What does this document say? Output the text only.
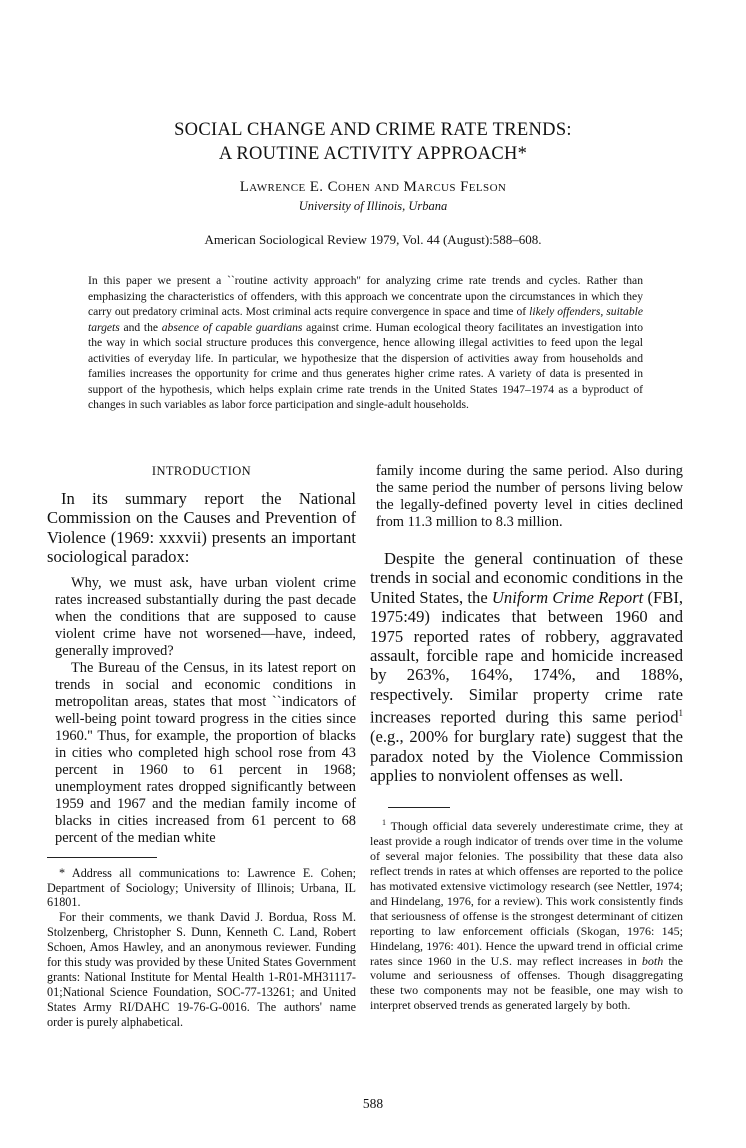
SOCIAL CHANGE AND CRIME RATE TRENDS:
A ROUTINE ACTIVITY APPROACH*
Lawrence E. Cohen and Marcus Felson
University of Illinois, Urbana
American Sociological Review 1979, Vol. 44 (August):588–608.

In this paper we present a ``routine activity approach'' for analyzing crime rate trends and cycles. Rather than emphasizing the characteristics of offenders, with this approach we concentrate upon the circumstances in which they carry out predatory criminal acts. Most criminal acts require convergence in space and time of likely offenders, suitable targets and the absence of capable guardians against crime. Human ecological theory facilitates an investigation into the way in which social structure produces this convergence, hence allowing illegal activities to feed upon the legal activities of everyday life. In particular, we hypothesize that the dispersion of activities away from households and families increases the opportunity for crime and thus generates higher crime rates. A variety of data is presented in support of the hypothesis, which helps explain crime rate trends in the United States 1947–1974 as a byproduct of changes in such variables as labor force participation and single-adult households.

INTRODUCTION

In its summary report the National Commission on the Causes and Prevention of Violence (1969: xxxvii) presents an important sociological paradox:

Why, we must ask, have urban violent crime rates increased substantially during the past decade when the conditions that are supposed to cause violent crime have not worsened—have, indeed, generally improved?

The Bureau of the Census, in its latest report on trends in social and economic conditions in metropolitan areas, states that most ``indicators of well-being point toward progress in the cities since 1960.'' Thus, for example, the proportion of blacks in cities who completed high school rose from 43 percent in 1960 to 61 percent in 1968; unemployment rates dropped significantly between 1959 and 1967 and the median family income of blacks in cities increased from 61 percent to 68 percent of the median white

* Address all communications to: Lawrence E. Cohen; Department of Sociology; University of Illinois; Urbana, IL 61801.

For their comments, we thank David J. Bordua, Ross M. Stolzenberg, Christopher S. Dunn, Kenneth C. Land, Robert Schoen, Amos Hawley, and an anonymous reviewer. Funding for this study was provided by these United States Government grants: National Institute for Mental Health 1-R01-MH31117-01;National Science Foundation, SOC-77-13261; and United States Army RI/DAHC 19-76-G-0016. The authors' name order is purely alphabetical.

family income during the same period. Also during the same period the number of persons living below the legally-defined poverty level in cities declined from 11.3 million to 8.3 million.

Despite the general continuation of these trends in social and economic conditions in the United States, the Uniform Crime Report (FBI, 1975:49) indicates that between 1960 and 1975 reported rates of robbery, aggravated assault, forcible rape and homicide increased by 263%, 164%, 174%, and 188%, respectively. Similar property crime rate increases reported during this same period$^1$ (e.g., 200% for burglary rate) suggest that the paradox noted by the Violence Commission applies to nonviolent offenses as well.

$^1$ Though official data severely underestimate crime, they at least provide a rough indicator of trends over time in the volume of several major felonies. The possibility that these data also reflect trends in rates at which offenses are reported to the police has motivated extensive victimology research (see Nettler, 1974; and Hindelang, 1976, for a review). This work consistently finds that seriousness of offense is the strongest determinant of citizen reporting to law enforcement officials (Skogan, 1976: 145; Hindelang, 1976: 401). Hence the upward trend in official crime rates since 1960 in the U.S. may reflect increases in both the volume and seriousness of offenses. Though disaggregating these two components may not be feasible, one may wish to interpret observed trends as generated largely by both.

588
